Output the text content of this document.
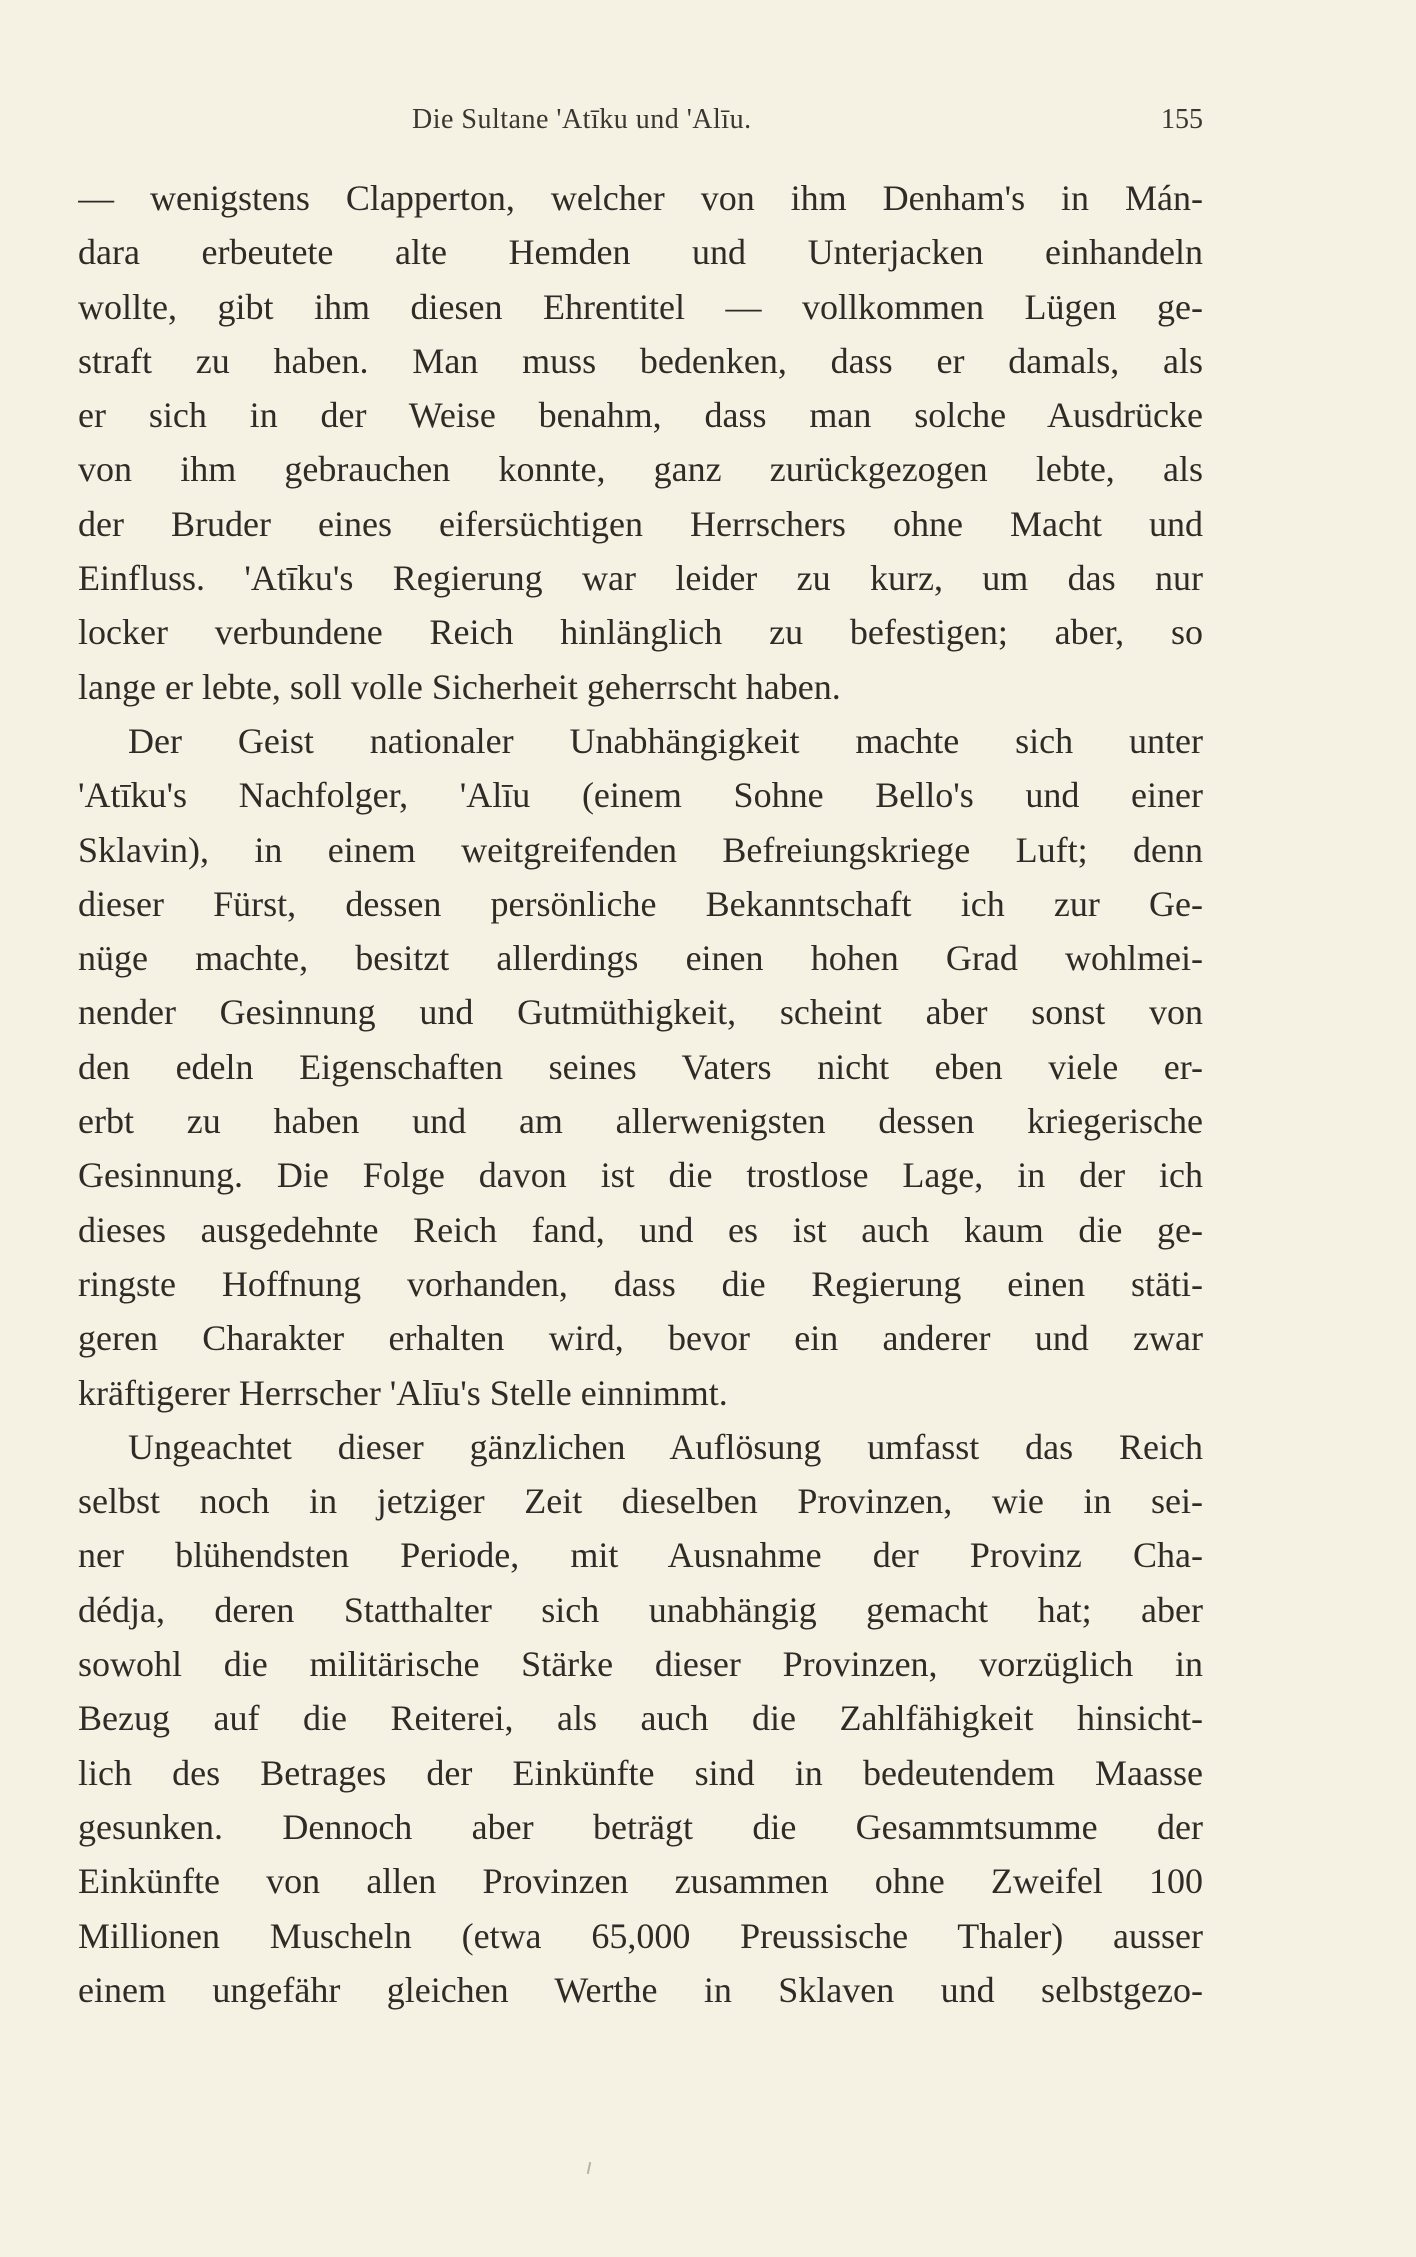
Die Sultane 'Atīku und 'Alīu.	155
— wenigstens Clapperton, welcher von ihm Denham's in Mán-
dara erbeutete alte Hemden und Unterjacken einhandeln
wollte, gibt ihm diesen Ehrentitel — vollkommen Lügen ge-
straft zu haben. Man muss bedenken, dass er damals, als
er sich in der Weise benahm, dass man solche Ausdrücke
von ihm gebrauchen konnte, ganz zurückgezogen lebte, als
der Bruder eines eifersüchtigen Herrschers ohne Macht und
Einfluss. 'Atīku's Regierung war leider zu kurz, um das nur
locker verbundene Reich hinlänglich zu befestigen; aber, so
lange er lebte, soll volle Sicherheit geherrscht haben.
Der Geist nationaler Unabhängigkeit machte sich unter
'Atīku's Nachfolger, 'Alīu (einem Sohne Bello's und einer
Sklavin), in einem weitgreifenden Befreiungskriege Luft; denn
dieser Fürst, dessen persönliche Bekanntschaft ich zur Ge-
nüge machte, besitzt allerdings einen hohen Grad wohlmei-
nender Gesinnung und Gutmüthigkeit, scheint aber sonst von
den edeln Eigenschaften seines Vaters nicht eben viele er-
erbt zu haben und am allerwenigsten dessen kriegerische
Gesinnung. Die Folge davon ist die trostlose Lage, in der ich
dieses ausgedehnte Reich fand, und es ist auch kaum die ge-
ringste Hoffnung vorhanden, dass die Regierung einen stäti-
geren Charakter erhalten wird, bevor ein anderer und zwar
kräftigerer Herrscher 'Alīu's Stelle einnimmt.
Ungeachtet dieser gänzlichen Auflösung umfasst das Reich
selbst noch in jetziger Zeit dieselben Provinzen, wie in sei-
ner blühendsten Periode, mit Ausnahme der Provinz Cha-
dédja, deren Statthalter sich unabhängig gemacht hat; aber
sowohl die militärische Stärke dieser Provinzen, vorzüglich in
Bezug auf die Reiterei, als auch die Zahlfähigkeit hinsicht-
lich des Betrages der Einkünfte sind in bedeutendem Maasse
gesunken. Dennoch aber beträgt die Gesammtsumme der
Einkünfte von allen Provinzen zusammen ohne Zweifel 100
Millionen Muscheln (etwa 65,000 Preussische Thaler) ausser
einem ungefähr gleichen Werthe in Sklaven und selbstgezo-
